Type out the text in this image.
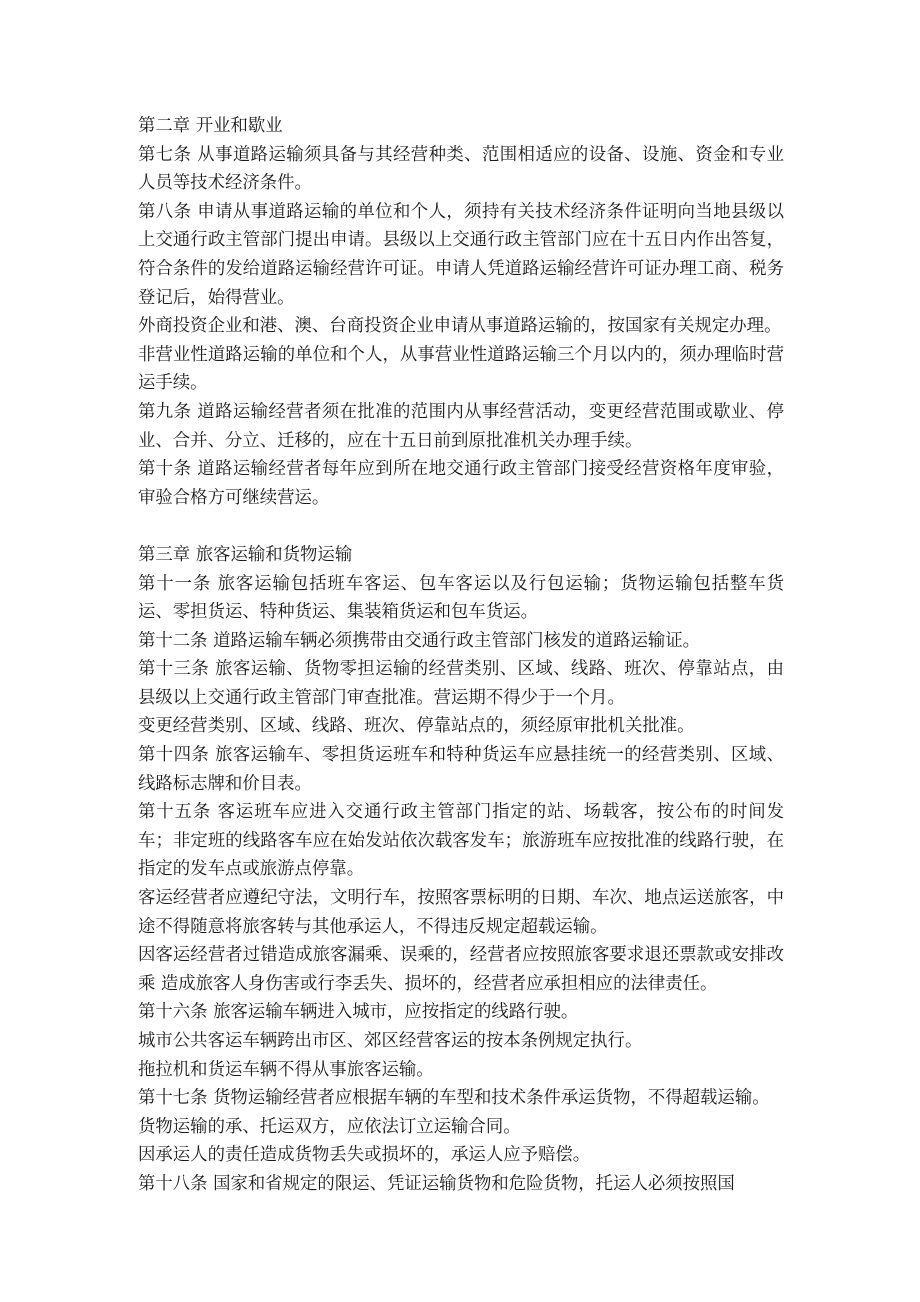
第二章 开业和歇业

第七条 从事道路运输须具备与其经营种类、范围相适应的设备、设施、资金和专业人员等技术经济条件。

第八条 申请从事道路运输的单位和个人，须持有关技术经济条件证明向当地县级以上交通行政主管部门提出申请。县级以上交通行政主管部门应在十五日内作出答复，符合条件的发给道路运输经营许可证。申请人凭道路运输经营许可证办理工商、税务登记后，始得营业。

外商投资企业和港、澳、台商投资企业申请从事道路运输的，按国家有关规定办理。

非营业性道路运输的单位和个人，从事营业性道路运输三个月以内的，须办理临时营运手续。

第九条 道路运输经营者须在批准的范围内从事经营活动，变更经营范围或歇业、停业、合并、分立、迁移的，应在十五日前到原批准机关办理手续。

第十条 道路运输经营者每年应到所在地交通行政主管部门接受经营资格年度审验，审验合格方可继续营运。

第三章 旅客运输和货物运输

第十一条 旅客运输包括班车客运、包车客运以及行包运输；货物运输包括整车货运、零担货运、特种货运、集装箱货运和包车货运。

第十二条 道路运输车辆必须携带由交通行政主管部门核发的道路运输证。

第十三条 旅客运输、货物零担运输的经营类别、区域、线路、班次、停靠站点，由县级以上交通行政主管部门审查批准。营运期不得少于一个月。

变更经营类别、区域、线路、班次、停靠站点的，须经原审批机关批准。

第十四条 旅客运输车、零担货运班车和特种货运车应悬挂统一的经营类别、区域、线路标志牌和价目表。

第十五条 客运班车应进入交通行政主管部门指定的站、场载客，按公布的时间发车；非定班的线路客车应在始发站依次载客发车；旅游班车应按批准的线路行驶，在指定的发车点或旅游点停靠。

客运经营者应遵纪守法，文明行车，按照客票标明的日期、车次、地点运送旅客，中途不得随意将旅客转与其他承运人，不得违反规定超载运输。

因客运经营者过错造成旅客漏乘、误乘的，经营者应按照旅客要求退还票款或安排改乘 造成旅客人身伤害或行李丢失、损坏的，经营者应承担相应的法律责任。

第十六条 旅客运输车辆进入城市，应按指定的线路行驶。

城市公共客运车辆跨出市区、郊区经营客运的按本条例规定执行。

拖拉机和货运车辆不得从事旅客运输。

第十七条 货物运输经营者应根据车辆的车型和技术条件承运货物，不得超载运输。

货物运输的承、托运双方，应依法订立运输合同。

因承运人的责任造成货物丢失或损坏的，承运人应予赔偿。

第十八条 国家和省规定的限运、凭证运输货物和危险货物，托运人必须按照国
